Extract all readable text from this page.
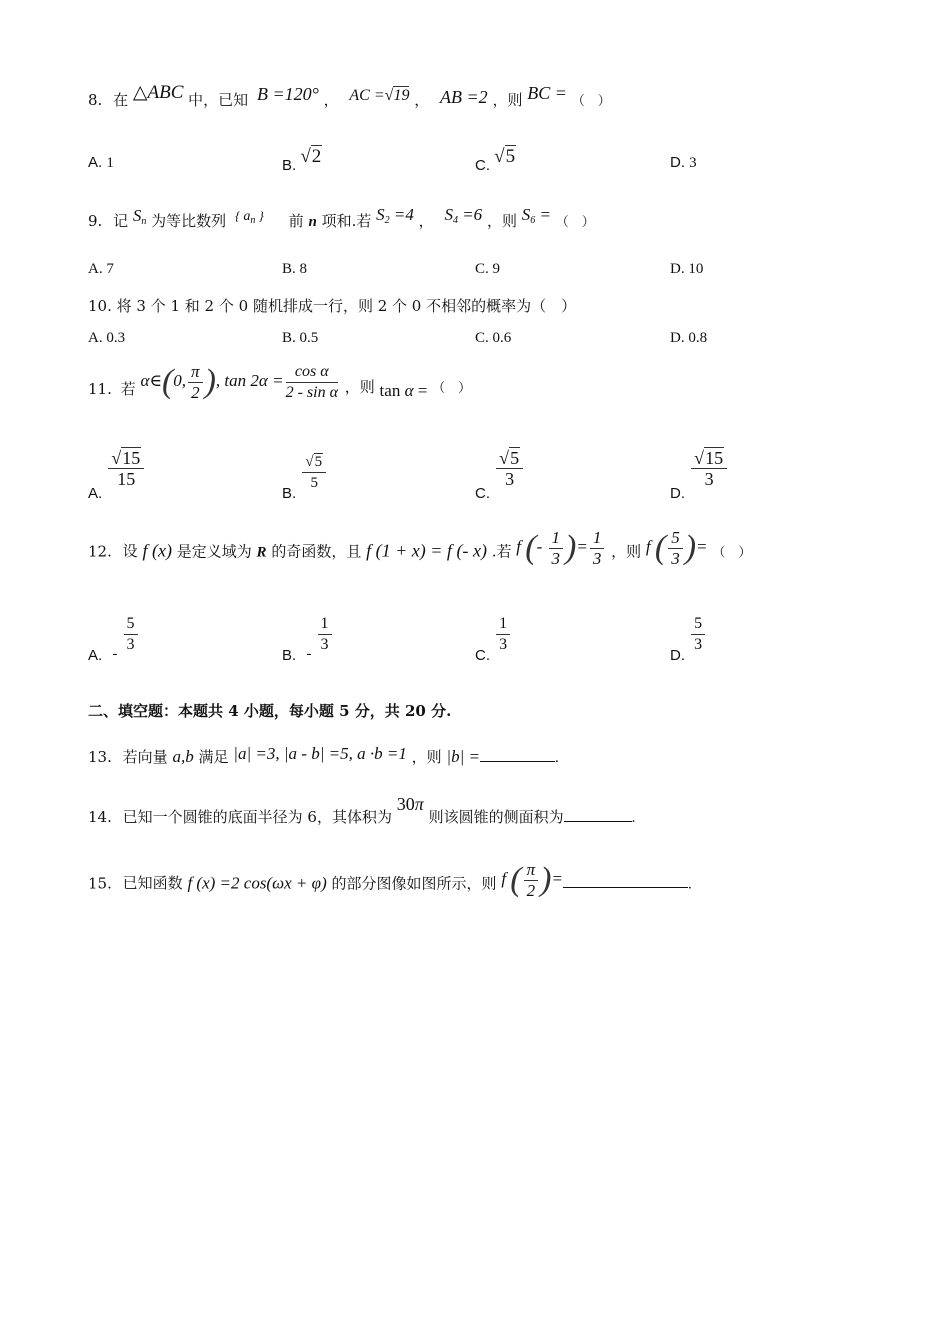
8. 在 △ABC 中，已知 B =120° ， AC =√19 ， AB =2 ，则 BC = （　）
A. 1	B. √2	C. √5	D. 3
9. 记 $S_n$ 为等比数列 { $a_n$ } 前 n 项和.若 $S_2 =4$ ， $S_4 =6$ ，则 $S_6$ = （　）
A. 7	B. 8	C. 9	D. 10
10. 将 3 个 1 和 2 个 0 随机排成一行，则 2 个 0 不相邻的概率为（　）
A. 0.3	B. 0.5	C. 0.6	D. 0.8
11. 若 α∈(0, $\frac{\pi}{2}$ ), $\tan 2\alpha = \frac{\text{cos α}}{\text{2 - sin α}}$ ，则 tan α = （　）
A.
$\frac{√15}{15}$
B.
$\frac{√5}{5}$
C.
$\frac{√5}{3}$
D.
$\frac{√15}{3}$
12. 设 f (x) 是定义域为 R 的奇函数，且 f (1 + x) = f (- x) .若 f (- $\frac{1}{3}$ )= $\frac{1}{3}$ ，则 f ( $\frac{5}{3}$ )= （　）
A. - $\frac{5}{3}$
B. - $\frac{1}{3}$
C.
$\frac{1}{3}$
D.
$\frac{5}{3}$
二、填空题：本题共 4 小题，每小题 5 分，共 20 分.
13. 若向量 a,b 满足 |a| =3, |a - b| =5, a ·b =1 ，则 |b| =	.
14. 已知一个圆锥的底面半径为 6，其体积为 30π 则该圆锥的侧面积为	.
15. 已知函数 f (x) =2 cos(ωx + φ) 的部分图像如图所示，则 f ( $\frac{\pi}{2}$ )=	.
